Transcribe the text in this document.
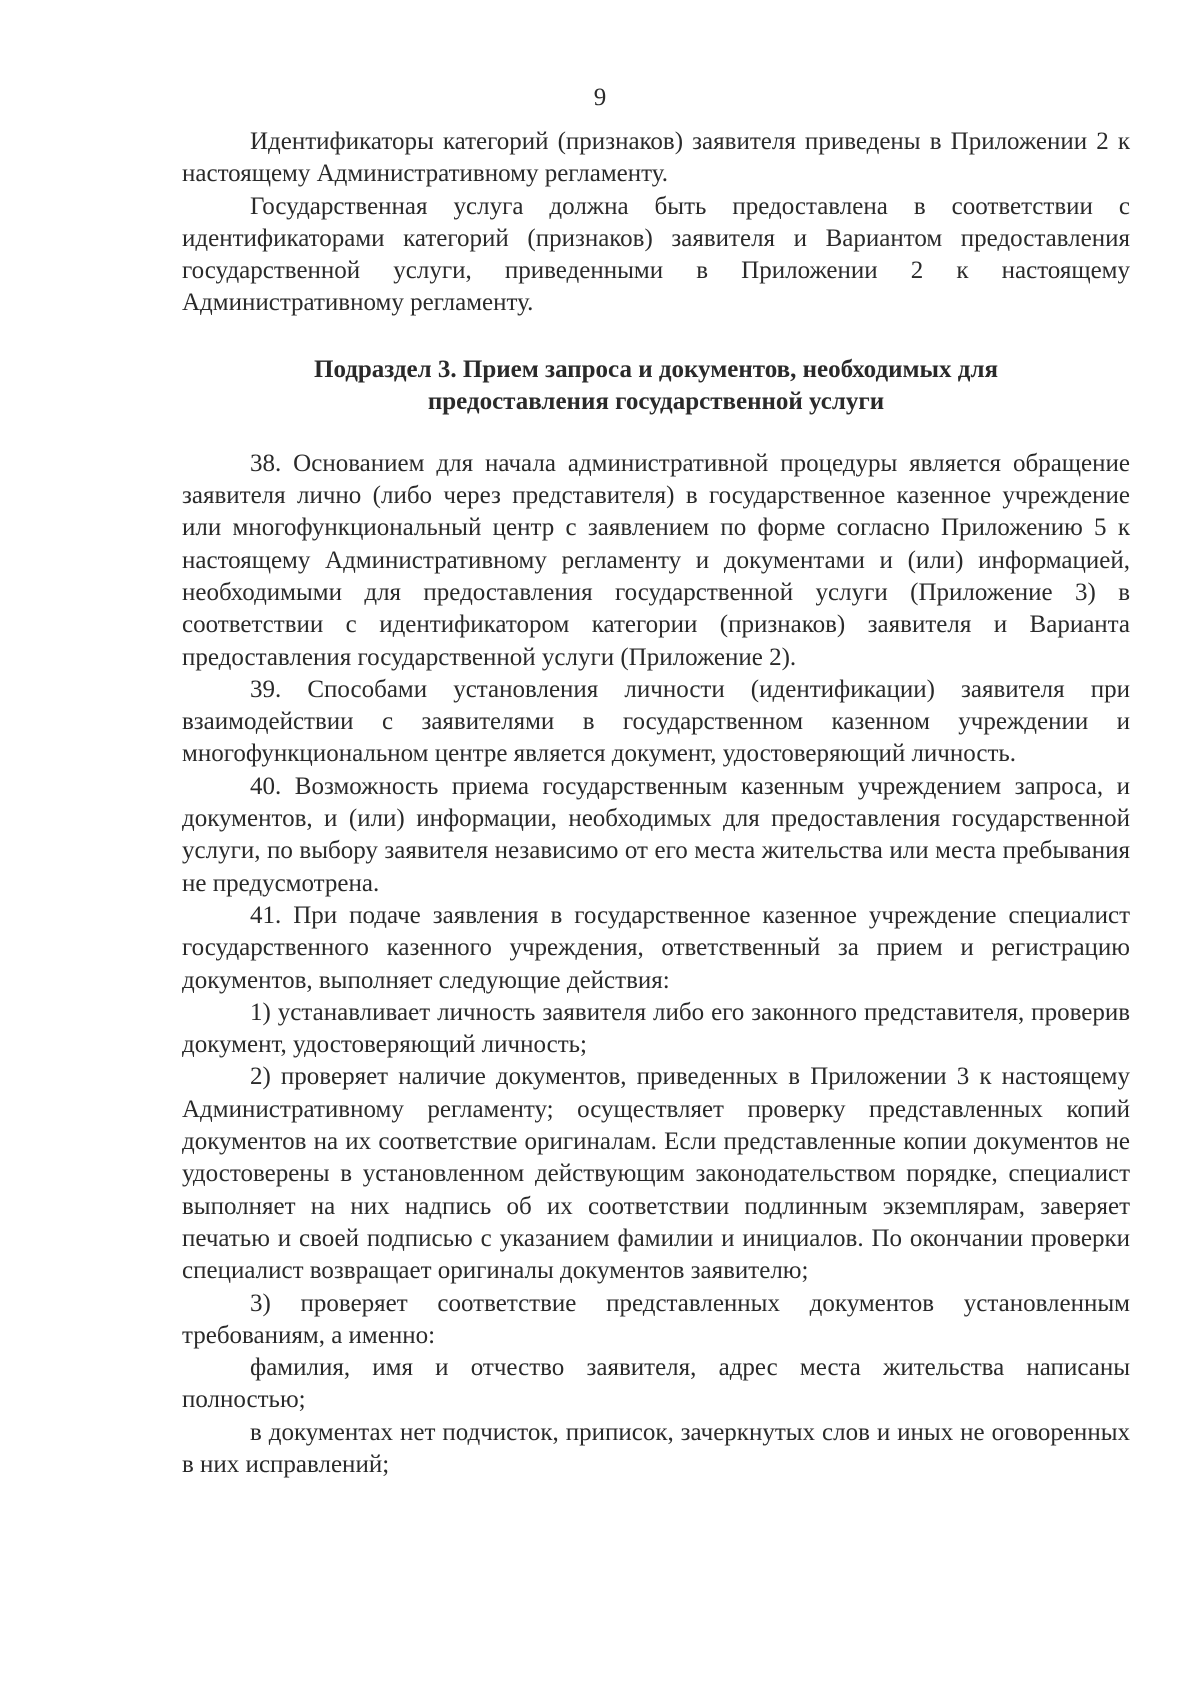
9

Идентификаторы категорий (признаков) заявителя приведены в Приложении 2 к настоящему Административному регламенту.

Государственная услуга должна быть предоставлена в соответствии с идентификаторами категорий (признаков) заявителя и Вариантом предоставления государственной услуги, приведенными в Приложении 2 к настоящему Административному регламенту.

Подраздел 3. Прием запроса и документов, необходимых для
предоставления государственной услуги

38. Основанием для начала административной процедуры является обращение заявителя лично (либо через представителя) в государственное казенное учреждение или многофункциональный центр с заявлением по форме согласно Приложению 5 к настоящему Административному регламенту и документами и (или) информацией, необходимыми для предоставления государственной услуги (Приложение 3) в соответствии с идентификатором категории (признаков) заявителя и Варианта предоставления государственной услуги (Приложение 2).

39. Способами установления личности (идентификации) заявителя при взаимодействии с заявителями в государственном казенном учреждении и многофункциональном центре является документ, удостоверяющий личность.

40. Возможность приема государственным казенным учреждением запроса, и документов, и (или) информации, необходимых для предоставления государственной услуги, по выбору заявителя независимо от его места жительства или места пребывания не предусмотрена.

41. При подаче заявления в государственное казенное учреждение специалист государственного казенного учреждения, ответственный за прием и регистрацию документов, выполняет следующие действия:

1) устанавливает личность заявителя либо его законного представителя, проверив документ, удостоверяющий личность;

2) проверяет наличие документов, приведенных в Приложении 3 к настоящему Административному регламенту; осуществляет проверку представленных копий документов на их соответствие оригиналам. Если представленные копии документов не удостоверены в установленном действующим законодательством порядке, специалист выполняет на них надпись об их соответствии подлинным экземплярам, заверяет печатью и своей подписью с указанием фамилии и инициалов. По окончании проверки специалист возвращает оригиналы документов заявителю;

3) проверяет соответствие представленных документов установленным требованиям, а именно:

фамилия, имя и отчество заявителя, адрес места жительства написаны полностью;

в документах нет подчисток, приписок, зачеркнутых слов и иных не оговоренных в них исправлений;
